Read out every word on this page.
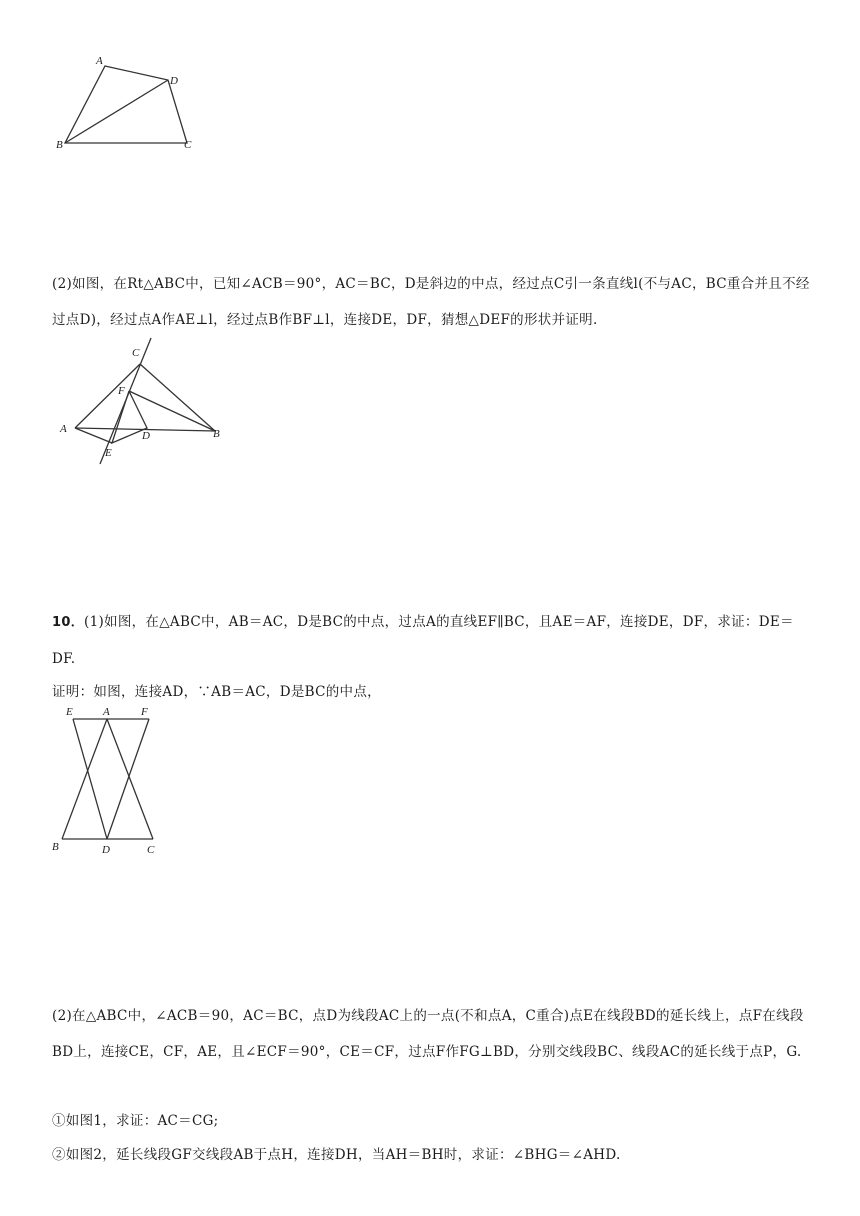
A
D
B	C
(2)如图，在Rt△ABC中，已知∠ACB＝90°，AC＝BC，D是斜边的中点，经过点C引一条直线l(不与AC，BC重合并且不经过点D)，经过点A作AE⊥l，经过点B作BF⊥l，连接DE，DF，猜想△DEF的形状并证明.
C
F
A
D	B
E
10．(1)如图，在△ABC中，AB＝AC，D是BC的中点，过点A的直线EF∥BC，且AE＝AF，连接DE，DF，求证：DE＝DF.
证明：如图，连接AD，∵AB＝AC，D是BC的中点，
E	A	F
B	D	C
(2)在△ABC中，∠ACB＝90，AC＝BC，点D为线段AC上的一点(不和点A，C重合)点E在线段BD的延长线上，点F在线段BD上，连接CE，CF，AE，且∠ECF＝90°，CE＝CF，过点F作FG⊥BD，分别交线段BC、线段AC的延长线于点P，G.
①如图1，求证：AC＝CG;
②如图2，延长线段GF交线段AB于点H，连接DH，当AH＝BH时，求证：∠BHG＝∠AHD.
